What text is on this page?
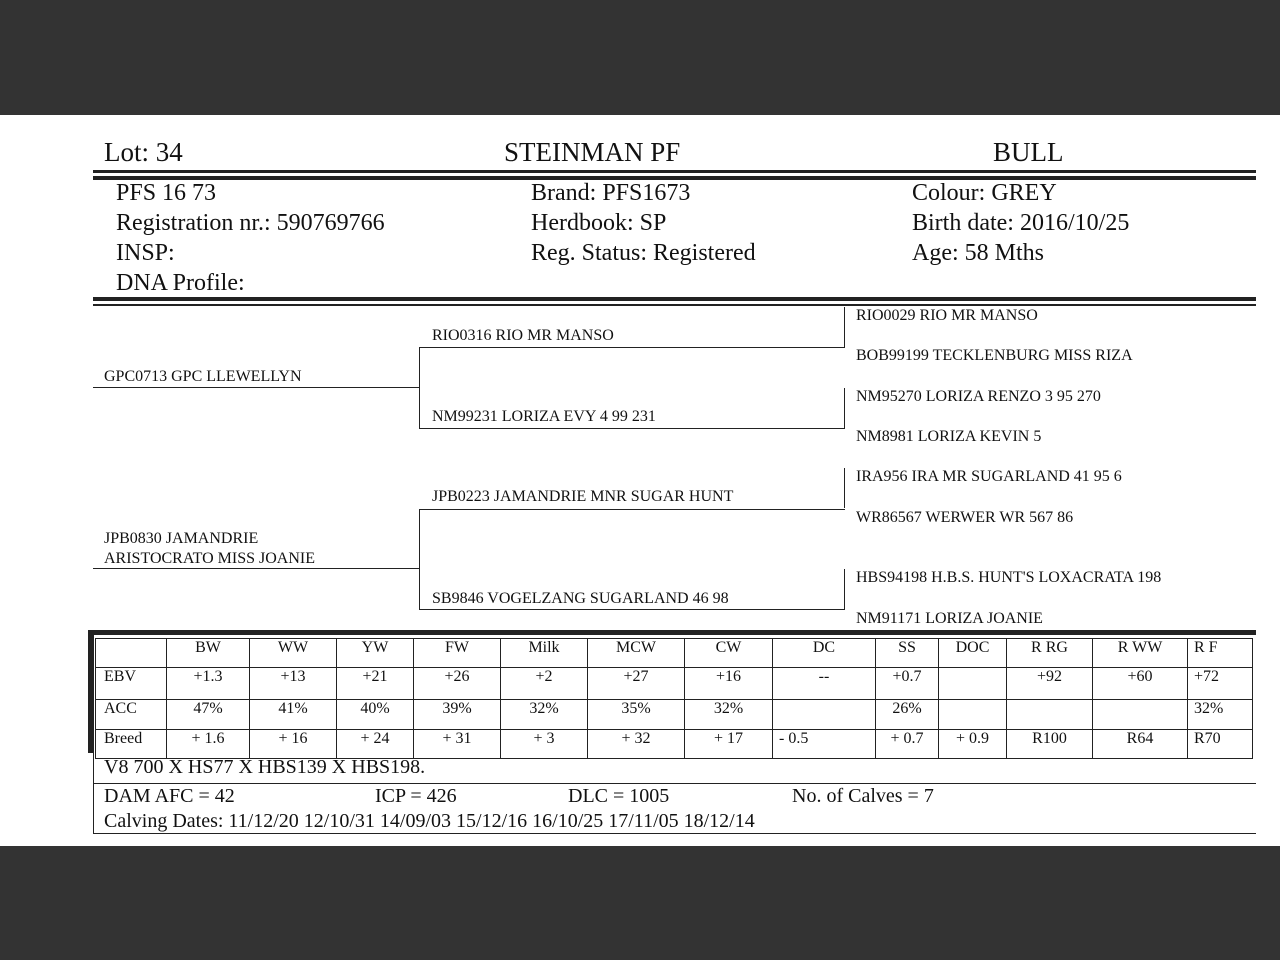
Lot: 34	STEINMAN PF	BULL
PFS 16 73
Registration nr.: 590769766
INSP:
DNA Profile:
Brand: PFS1673
Herdbook: SP
Reg. Status: Registered
Colour: GREY
Birth date: 2016/10/25
Age: 58 Mths
GPC0713 GPC LLEWELLYN
RIO0316 RIO MR MANSO
NM99231 LORIZA EVY 4 99 231
RIO0029 RIO MR MANSO
BOB99199 TECKLENBURG MISS RIZA
NM95270 LORIZA RENZO 3 95 270
NM8981 LORIZA KEVIN 5
JPB0830 JAMANDRIE
ARISTOCRATO MISS JOANIE
JPB0223 JAMANDRIE MNR SUGAR HUNT
SB9846 VOGELZANG SUGARLAND 46 98
IRA956 IRA MR SUGARLAND 41 95 6
WR86567 WERWER WR 567 86
HBS94198 H.B.S. HUNT'S LOXACRATA 198
NM91171 LORIZA JOANIE
	BW	WW	YW	FW	Milk	MCW	CW	DC	SS	DOC	R RG	R WW	R F
EBV	+1.3	+13	+21	+26	+2	+27	+16	--	+0.7		+92	+60	+72
ACC	47%	41%	40%	39%	32%	35%	32%		26%				32%
Breed	+ 1.6	+ 16	+ 24	+ 31	+ 3	+ 32	+ 17	- 0.5	+ 0.7	+ 0.9	R100	R64	R70
V8 700 X HS77 X HBS139 X HBS198.
DAM AFC = 42	ICP = 426	DLC = 1005	No. of Calves = 7
Calving Dates: 11/12/20 12/10/31 14/09/03 15/12/16 16/10/25 17/11/05 18/12/14
